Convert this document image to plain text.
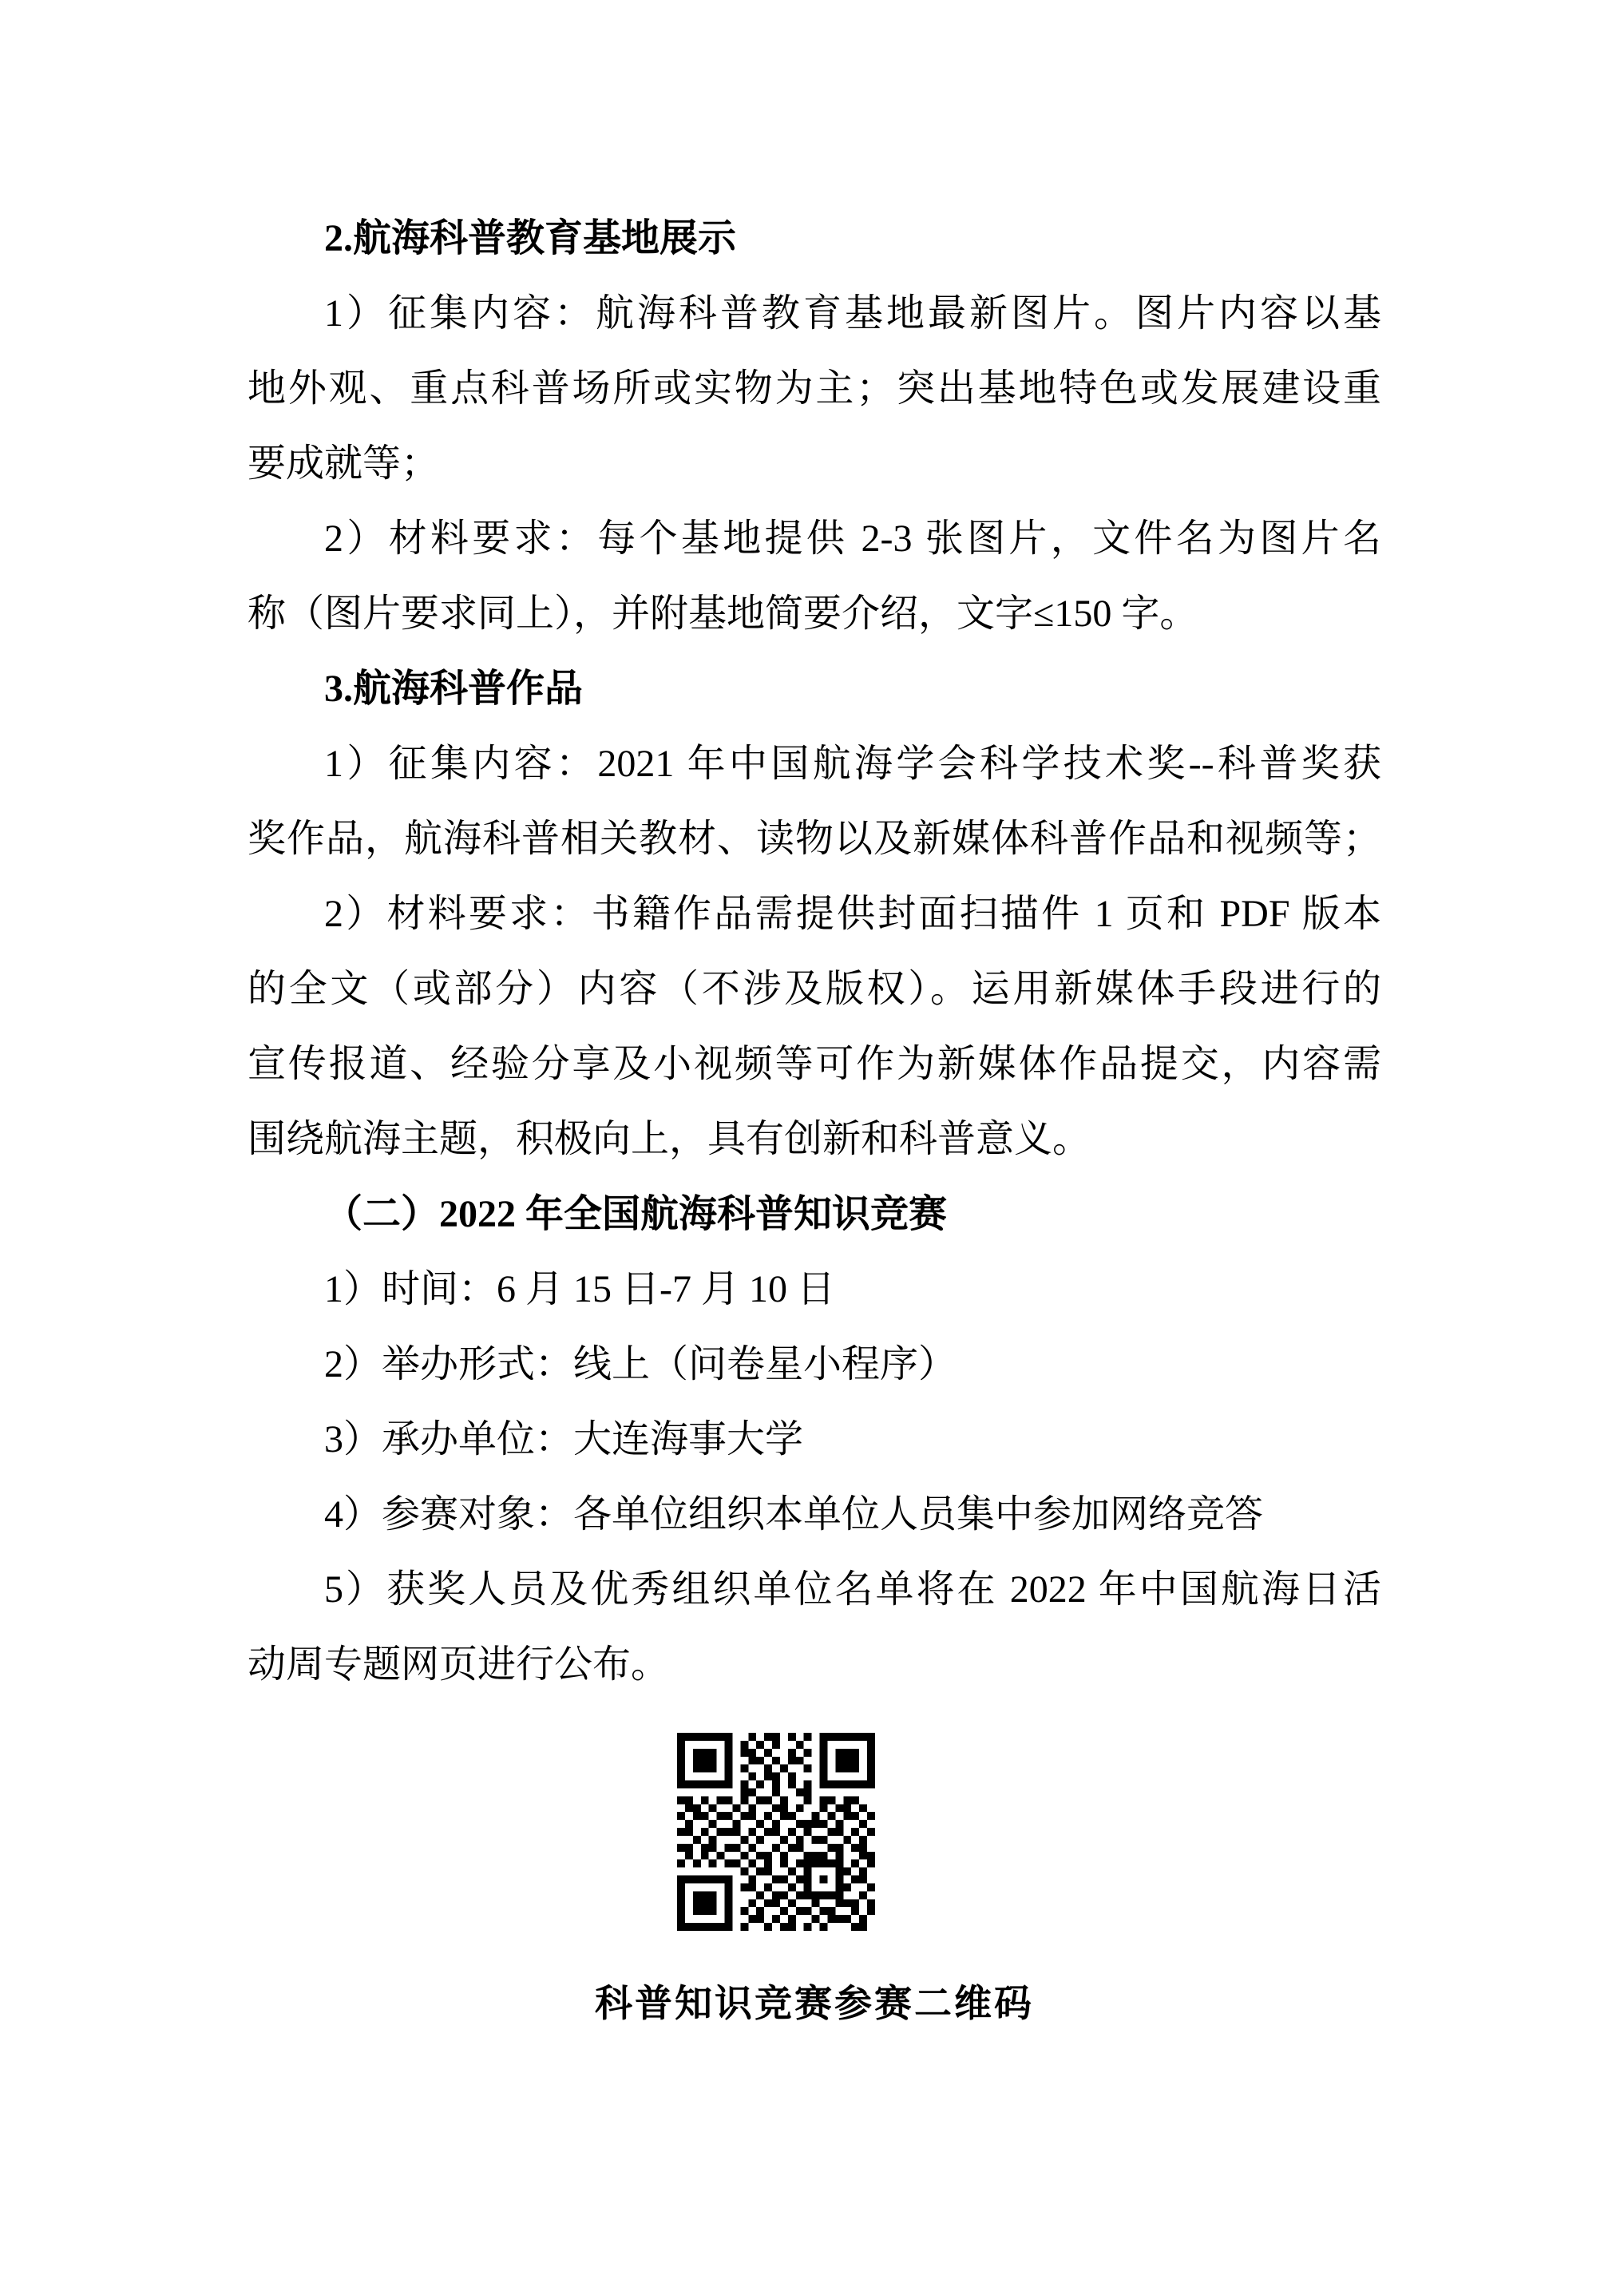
2.航海科普教育基地展示
1）征集内容：航海科普教育基地最新图片。图片内容以基
地外观、重点科普场所或实物为主；突出基地特色或发展建设重
要成就等；
2）材料要求：每个基地提供 2-3 张图片，文件名为图片名
称（图片要求同上），并附基地简要介绍，文字≤150 字。
3.航海科普作品
1）征集内容：2021 年中国航海学会科学技术奖--科普奖获
奖作品，航海科普相关教材、读物以及新媒体科普作品和视频等；
2）材料要求：书籍作品需提供封面扫描件 1 页和 PDF 版本
的全文（或部分）内容（不涉及版权）。运用新媒体手段进行的
宣传报道、经验分享及小视频等可作为新媒体作品提交，内容需
围绕航海主题，积极向上，具有创新和科普意义。
（二）2022 年全国航海科普知识竞赛
1）时间：6 月 15 日-7 月 10 日
2）举办形式：线上（问卷星小程序）
3）承办单位：大连海事大学
4）参赛对象：各单位组织本单位人员集中参加网络竞答
5）获奖人员及优秀组织单位名单将在 2022 年中国航海日活
动周专题网页进行公布。
科普知识竞赛参赛二维码
